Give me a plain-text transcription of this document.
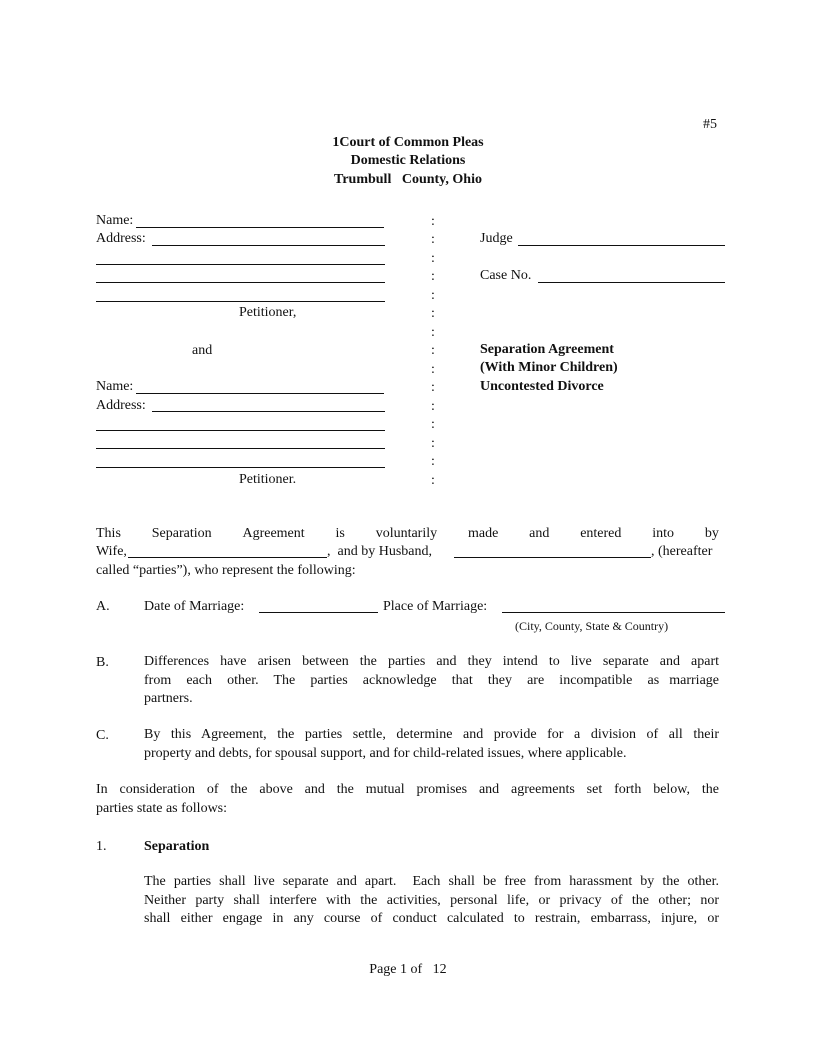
#5
1Court of Common Pleas
Domestic Relations
Trumbull   County, Ohio
Name:
Address:
Petitioner,
and
Name:
Address:
Petitioner.
:
:
:
:
:
:
:
:
:
:
:
:
:
:
:
Judge
Case No.
Separation Agreement
(With Minor Children)
Uncontested Divorce
This Separation Agreement is voluntarily made and entered into by
Wife,	,  and by Husband,	, (hereafter
called “parties”), who represent the following:
A. Date of Marriage:	Place of Marriage:
(City, County, State & Country)
B.	Differences  have  arisen  between  the  parties  and  they  intend  to  live  separate  and  apart
from   each   other.   The   parties   acknowledge   that   they   are   incompatible   as  marriage
partners.
C.	By  this  Agreement,  the  parties  settle,  determine  and  provide  for  a  division  of  all  their
property and debts, for spousal support, and for child-related issues, where applicable.
In  consideration  of  the  above  and  the  mutual  promises  and  agreements  set  forth  below,  the
parties state as follows:
1.	Separation
The parties shall live separate and apart.  Each shall be free from harassment by the other.
Neither  party  shall  interfere  with  the  activities,  personal  life,  or  privacy  of  the  other;  nor
shall  either  engage  in  any  course  of  conduct  calculated  to  restrain,  embarrass,  injure,  or
Page 1 of   12
